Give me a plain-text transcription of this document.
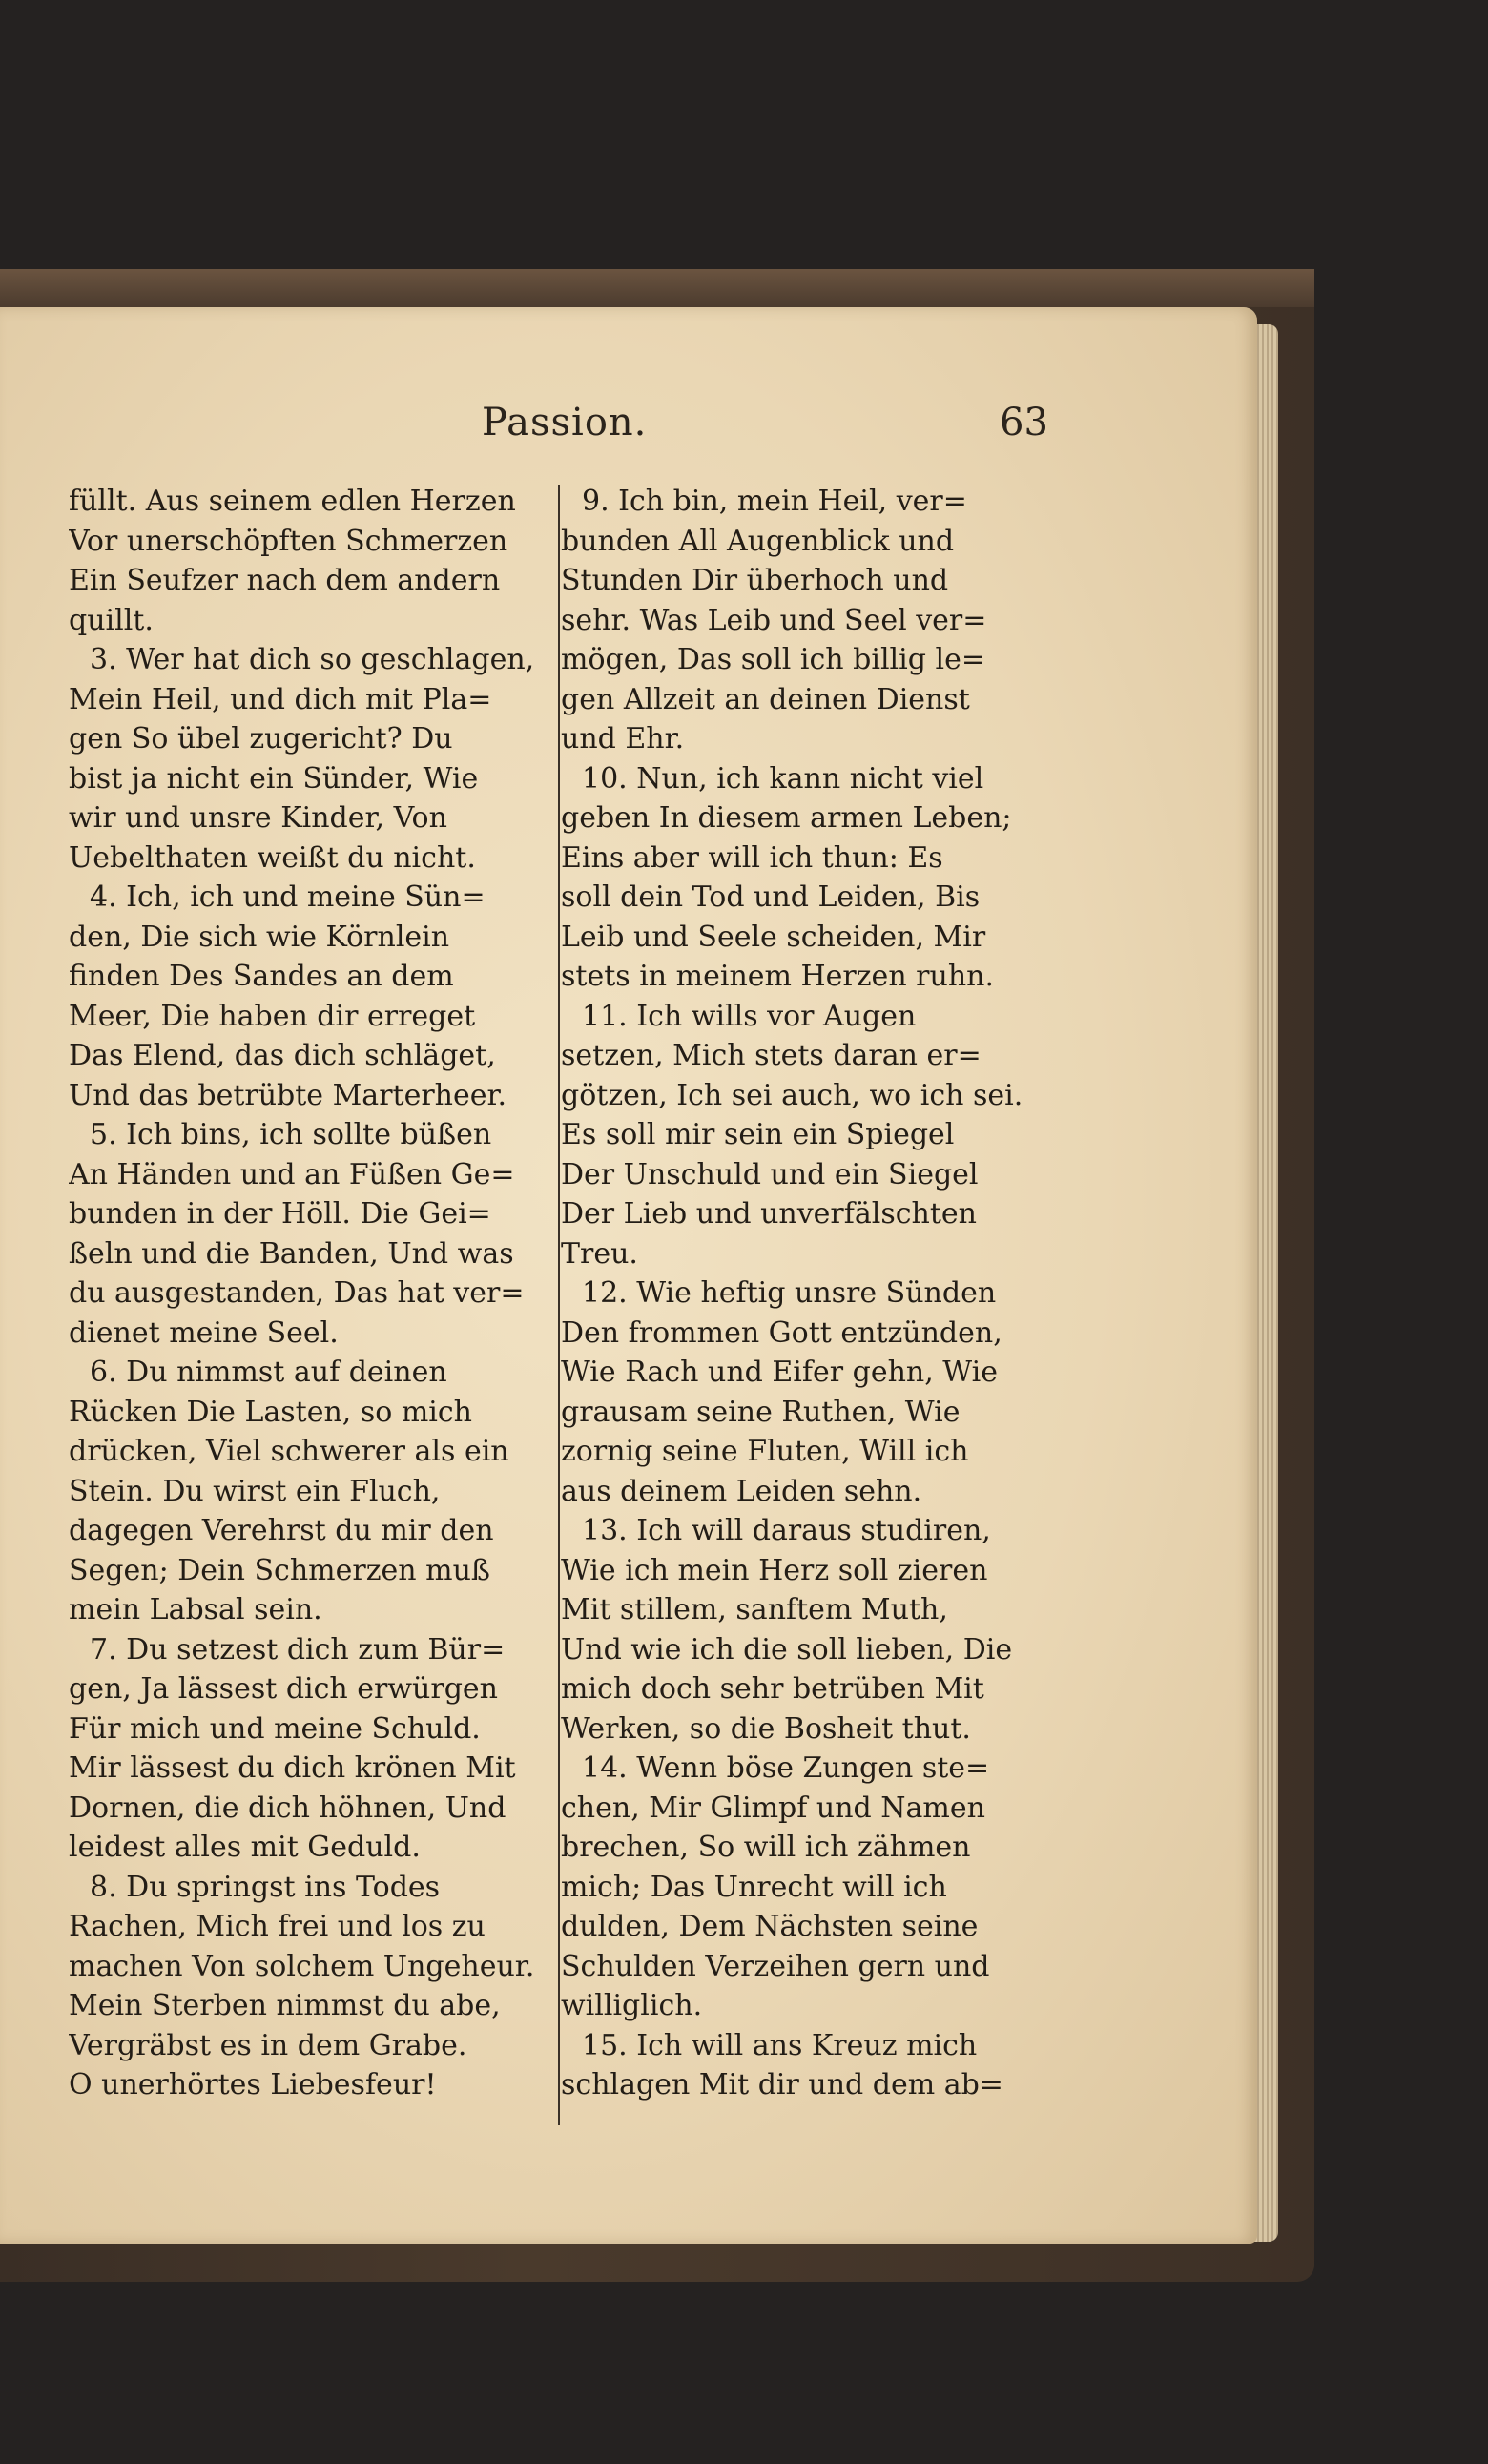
Passion.	63
füllt. Aus seinem edlen Herzen
Vor unerschöpften Schmerzen
Ein Seufzer nach dem andern
quillt.
3. Wer hat dich so geschlagen,
Mein Heil, und dich mit Pla=
gen So übel zugericht? Du
bist ja nicht ein Sünder, Wie
wir und unsre Kinder, Von
Uebelthaten weißt du nicht.
4. Ich, ich und meine Sün=
den, Die sich wie Körnlein
finden Des Sandes an dem
Meer, Die haben dir erreget
Das Elend, das dich schläget,
Und das betrübte Marterheer.
5. Ich bins, ich sollte büßen
An Händen und an Füßen Ge=
bunden in der Höll. Die Gei=
ßeln und die Banden, Und was
du ausgestanden, Das hat ver=
dienet meine Seel.
6. Du nimmst auf deinen
Rücken Die Lasten, so mich
drücken, Viel schwerer als ein
Stein. Du wirst ein Fluch,
dagegen Verehrst du mir den
Segen; Dein Schmerzen muß
mein Labsal sein.
7. Du setzest dich zum Bür=
gen, Ja lässest dich erwürgen
Für mich und meine Schuld.
Mir lässest du dich krönen Mit
Dornen, die dich höhnen, Und
leidest alles mit Geduld.
8. Du springst ins Todes
Rachen, Mich frei und los zu
machen Von solchem Ungeheur.
Mein Sterben nimmst du abe,
Vergräbst es in dem Grabe.
O unerhörtes Liebesfeur!
9. Ich bin, mein Heil, ver=
bunden All Augenblick und
Stunden Dir überhoch und
sehr. Was Leib und Seel ver=
mögen, Das soll ich billig le=
gen Allzeit an deinen Dienst
und Ehr.
10. Nun, ich kann nicht viel
geben In diesem armen Leben;
Eins aber will ich thun: Es
soll dein Tod und Leiden, Bis
Leib und Seele scheiden, Mir
stets in meinem Herzen ruhn.
11. Ich wills vor Augen
setzen, Mich stets daran er=
götzen, Ich sei auch, wo ich sei.
Es soll mir sein ein Spiegel
Der Unschuld und ein Siegel
Der Lieb und unverfälschten
Treu.
12. Wie heftig unsre Sünden
Den frommen Gott entzünden,
Wie Rach und Eifer gehn, Wie
grausam seine Ruthen, Wie
zornig seine Fluten, Will ich
aus deinem Leiden sehn.
13. Ich will daraus studiren,
Wie ich mein Herz soll zieren
Mit stillem, sanftem Muth,
Und wie ich die soll lieben, Die
mich doch sehr betrüben Mit
Werken, so die Bosheit thut.
14. Wenn böse Zungen ste=
chen, Mir Glimpf und Namen
brechen, So will ich zähmen
mich; Das Unrecht will ich
dulden, Dem Nächsten seine
Schulden Verzeihen gern und
williglich.
15. Ich will ans Kreuz mich
schlagen Mit dir und dem ab=
